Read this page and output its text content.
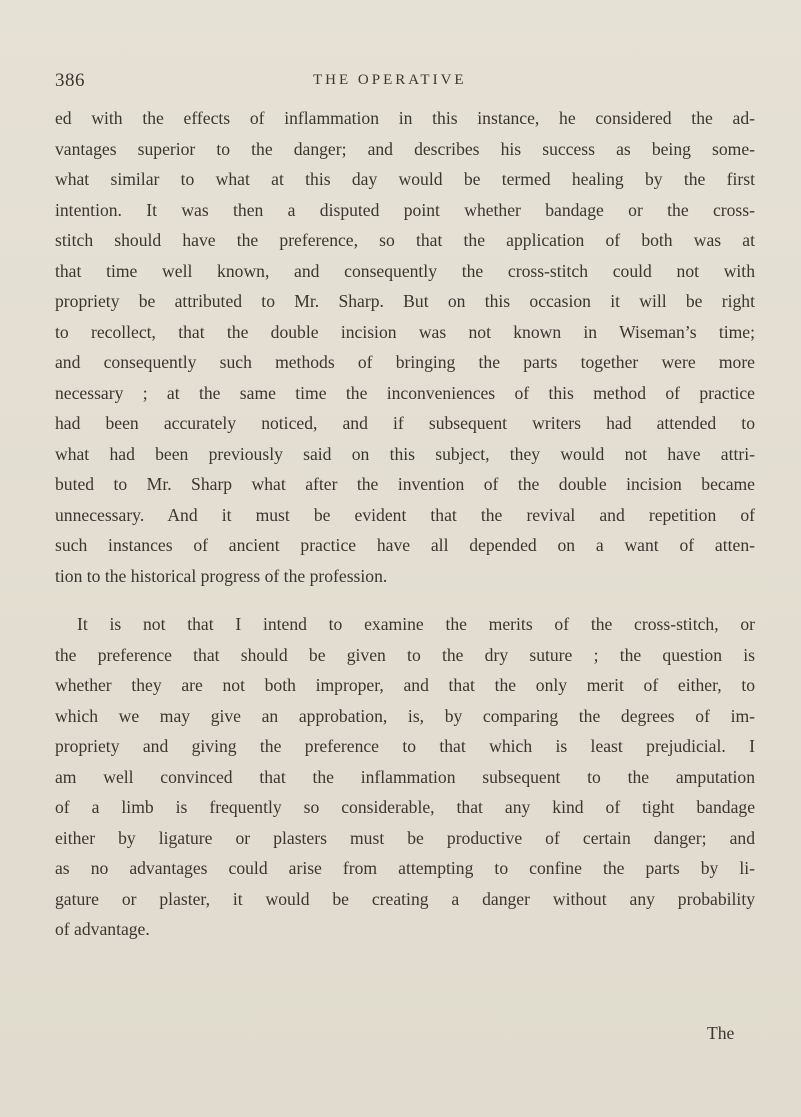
386	THE OPERATIVE
ed with the effects of inflammation in this instance, he considered the ad-
vantages superior to the danger; and describes his success as being some-
what similar to what at this day would be termed healing by the first
intention. It was then a disputed point whether bandage or the cross-
stitch should have the preference, so that the application of both was at
that time well known, and consequently the cross-stitch could not with
propriety be attributed to Mr. Sharp. But on this occasion it will be right
to recollect, that the double incision was not known in Wiseman’s time;
and consequently such methods of bringing the parts together were more
necessary ; at the same time the inconveniences of this method of practice
had been accurately noticed, and if subsequent writers had attended to
what had been previously said on this subject, they would not have attri-
buted to Mr. Sharp what after the invention of the double incision became
unnecessary. And it must be evident that the revival and repetition of
such instances of ancient practice have all depended on a want of atten-
tion to the historical progress of the profession.
It is not that I intend to examine the merits of the cross-stitch, or
the preference that should be given to the dry suture ; the question is
whether they are not both improper, and that the only merit of either, to
which we may give an approbation, is, by comparing the degrees of im-
propriety and giving the preference to that which is least prejudicial. I
am well convinced that the inflammation subsequent to the amputation
of a limb is frequently so considerable, that any kind of tight bandage
either by ligature or plasters must be productive of certain danger; and
as no advantages could arise from attempting to confine the parts by li-
gature or plaster, it would be creating a danger without any probability
of advantage.
The
